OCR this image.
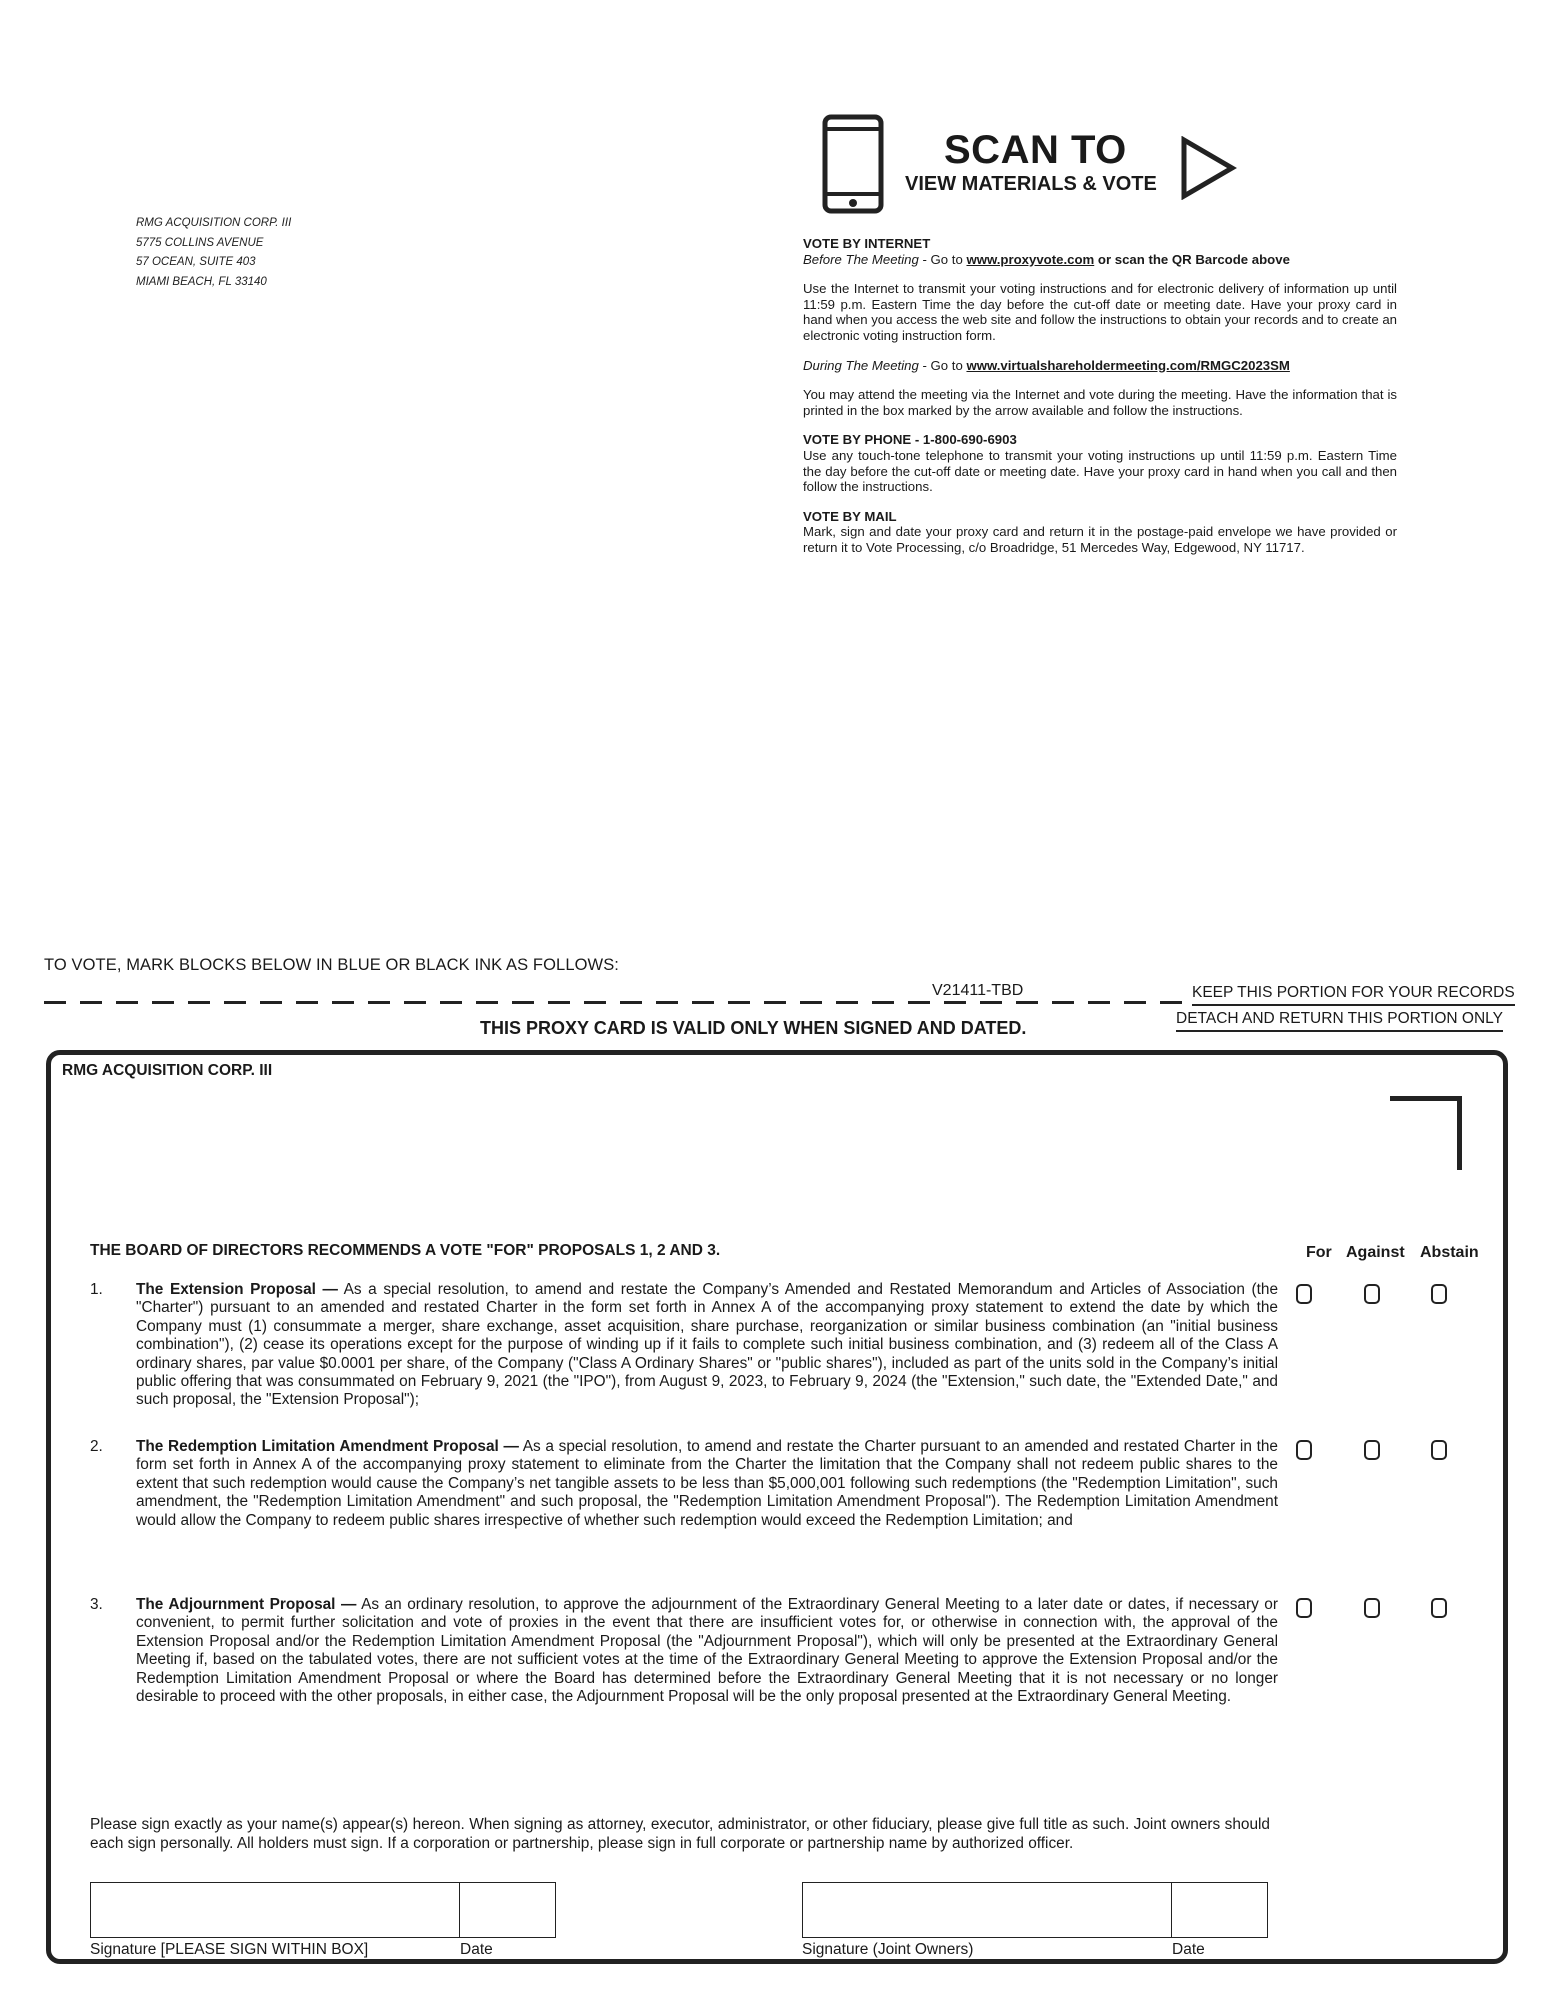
RMG ACQUISITION CORP. III
5775 COLLINS AVENUE
57 OCEAN, SUITE 403
MIAMI BEACH, FL 33140
SCAN TO
VIEW MATERIALS & VOTE
VOTE BY INTERNET
Before The Meeting - Go to www.proxyvote.com or scan the QR Barcode above

Use the Internet to transmit your voting instructions and for electronic delivery of information up until 11:59 p.m. Eastern Time the day before the cut-off date or meeting date. Have your proxy card in hand when you access the web site and follow the instructions to obtain your records and to create an electronic voting instruction form.

During The Meeting - Go to www.virtualshareholdermeeting.com/RMGC2023SM

You may attend the meeting via the Internet and vote during the meeting. Have the information that is printed in the box marked by the arrow available and follow the instructions.

VOTE BY PHONE - 1-800-690-6903

Use any touch-tone telephone to transmit your voting instructions up until 11:59 p.m. Eastern Time the day before the cut-off date or meeting date. Have your proxy card in hand when you call and then follow the instructions.

VOTE BY MAIL

Mark, sign and date your proxy card and return it in the postage-paid envelope we have provided or return it to Vote Processing, c/o Broadridge, 51 Mercedes Way, Edgewood, NY 11717.

TO VOTE, MARK BLOCKS BELOW IN BLUE OR BLACK INK AS FOLLOWS:
V21411-TBD	KEEP THIS PORTION FOR YOUR RECORDS
DETACH AND RETURN THIS PORTION ONLY
THIS PROXY CARD IS VALID ONLY WHEN SIGNED AND DATED.
RMG ACQUISITION CORP. III
THE BOARD OF DIRECTORS RECOMMENDS A VOTE "FOR" PROPOSALS 1, 2 AND 3.	For Against Abstain
1.	The Extension Proposal — As a special resolution, to amend and restate the Company’s Amended and Restated Memorandum and Articles of Association (the "Charter") pursuant to an amended and restated Charter in the form set forth in Annex A of the accompanying proxy statement to extend the date by which the Company must (1) consummate a merger, share exchange, asset acquisition, share purchase, reorganization or similar business combination (an "initial business combination"), (2) cease its operations except for the purpose of winding up if it fails to complete such initial business combination, and (3) redeem all of the Class A ordinary shares, par value $0.0001 per share, of the Company ("Class A Ordinary Shares" or "public shares"), included as part of the units sold in the Company’s initial public offering that was consummated on February 9, 2021 (the "IPO"), from August 9, 2023, to February 9, 2024 (the "Extension," such date, the "Extended Date," and such proposal, the "Extension Proposal");
2.	The Redemption Limitation Amendment Proposal — As a special resolution, to amend and restate the Charter pursuant to an amended and restated Charter in the form set forth in Annex A of the accompanying proxy statement to eliminate from the Charter the limitation that the Company shall not redeem public shares to the extent that such redemption would cause the Company’s net tangible assets to be less than $5,000,001 following such redemptions (the "Redemption Limitation", such amendment, the "Redemption Limitation Amendment" and such proposal, the "Redemption Limitation Amendment Proposal"). The Redemption Limitation Amendment would allow the Company to redeem public shares irrespective of whether such redemption would exceed the Redemption Limitation; and
3.	The Adjournment Proposal — As an ordinary resolution, to approve the adjournment of the Extraordinary General Meeting to a later date or dates, if necessary or convenient, to permit further solicitation and vote of proxies in the event that there are insufficient votes for, or otherwise in connection with, the approval of the Extension Proposal and/or the Redemption Limitation Amendment Proposal (the "Adjournment Proposal"), which will only be presented at the Extraordinary General Meeting if, based on the tabulated votes, there are not sufficient votes at the time of the Extraordinary General Meeting to approve the Extension Proposal and/or the Redemption Limitation Amendment Proposal or where the Board has determined before the Extraordinary General Meeting that it is not necessary or no longer desirable to proceed with the other proposals, in either case, the Adjournment Proposal will be the only proposal presented at the Extraordinary General Meeting.
Please sign exactly as your name(s) appear(s) hereon. When signing as attorney, executor, administrator, or other fiduciary, please give full title as such. Joint owners should each sign personally. All holders must sign. If a corporation or partnership, please sign in full corporate or partnership name by authorized officer.
Signature [PLEASE SIGN WITHIN BOX]	Date	Signature (Joint Owners)	Date
